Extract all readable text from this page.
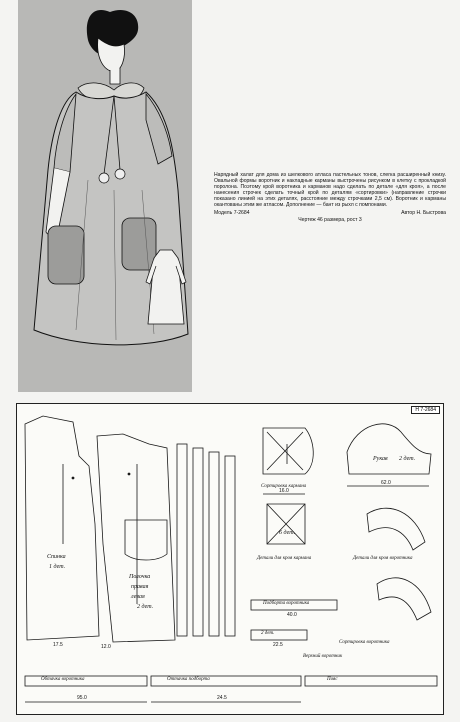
Нарядный халат для дома из шелкового атласа пастельных тонов, слегка расширенный книзу. Овальной формы воротник и накладные карманы выстрочены рисунком в клетку с прокладкой поролона. Поэтому крой воротника и карманов надо сделать по детале «для кроя», а после нанесения строчек сделать точный крой по деталям «сортировки» (направление строчки показано линией на этих деталях, расстояние между строчками 2,5 см). Воротник и карманы окантованы этим же атласом. Дополнение — бант из рыхл с помпонами.
Модель 7-2684	Автор Н. Быстрова
Чертеж 46 размера, рост 3
Н 7-2684
Спинка
1 дет.
Полочка
правая
левая
2 дет.
Рукав 2 дет.
Сортировка кармана
6 дет.
Детали для кроя кармана	Детали для кроя воротника
Сортировка воротника
Подборта воротника
2 дет.
Верхний воротник
Обтачка воротника	Оттачка подборта	Пояс
95.0	24.5
16.0
40.0
22.5
62.0
12.0
17.5
